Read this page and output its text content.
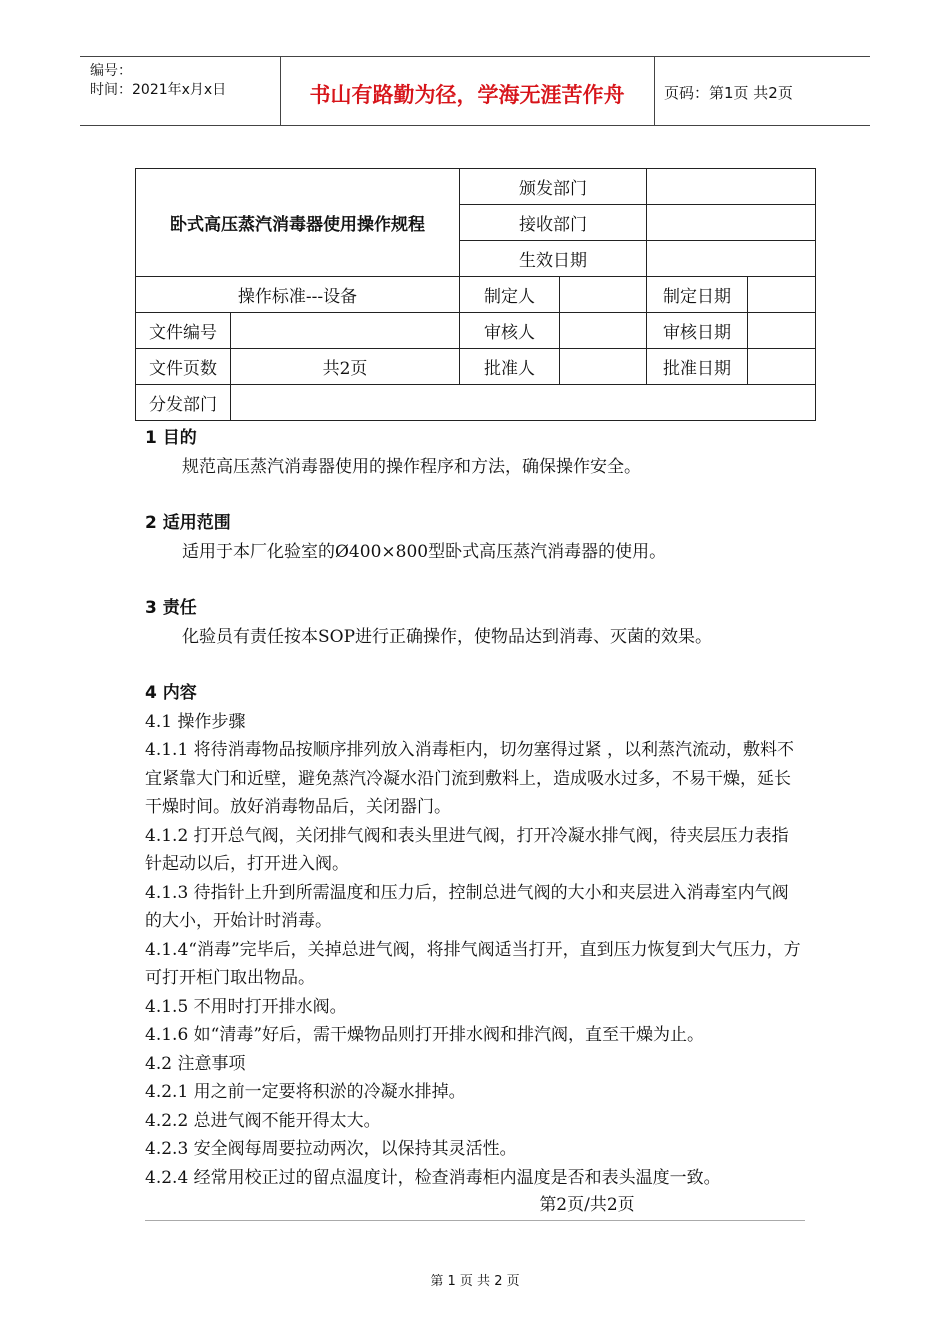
编号：
时间：2021年x月x日	书山有路勤为径，学海无涯苦作舟	页码：第1页 共2页
卧式高压蒸汽消毒器使用操作规程		颁发部门			
		接收部门			
		生效日期			
操作标准---设备		制定人		制定日期	
文件编号		审核人		审核日期	
文件页数	共2页	批准人		批准日期	
分发部门					

1 目的

规范高压蒸汽消毒器使用的操作程序和方法，确保操作安全。

2 适用范围

适用于本厂化验室的Ø400×800型卧式高压蒸汽消毒器的使用。

3 责任

化验员有责任按本SOP进行正确操作，使物品达到消毒、灭菌的效果。

4 内容

4.1 操作步骤

4.1.1 将待消毒物品按顺序排列放入消毒柜内，切勿塞得过紧 ，以利蒸汽流动，敷料不宜紧靠大门和近壁，避免蒸汽冷凝水沿门流到敷料上，造成吸水过多，不易干燥，延长干燥时间。放好消毒物品后，关闭器门。

4.1.2 打开总气阀，关闭排气阀和表头里进气阀，打开冷凝水排气阀，待夹层压力表指针起动以后，打开进入阀。

4.1.3 待指针上升到所需温度和压力后，控制总进气阀的大小和夹层进入消毒室内气阀的大小，开始计时消毒。

4.1.4“消毒”完毕后，关掉总进气阀，将排气阀适当打开，直到压力恢复到大气压力，方可打开柜门取出物品。

4.1.5 不用时打开排水阀。

4.1.6 如“清毒”好后，需干燥物品则打开排水阀和排汽阀，直至干燥为止。

4.2 注意事项

4.2.1 用之前一定要将积淤的冷凝水排掉。

4.2.2 总进气阀不能开得太大。

4.2.3 安全阀每周要拉动两次，以保持其灵活性。

4.2.4 经常用校正过的留点温度计，检查消毒柜内温度是否和表头温度一致。

第2页/共2页
第 1 页 共 2 页
